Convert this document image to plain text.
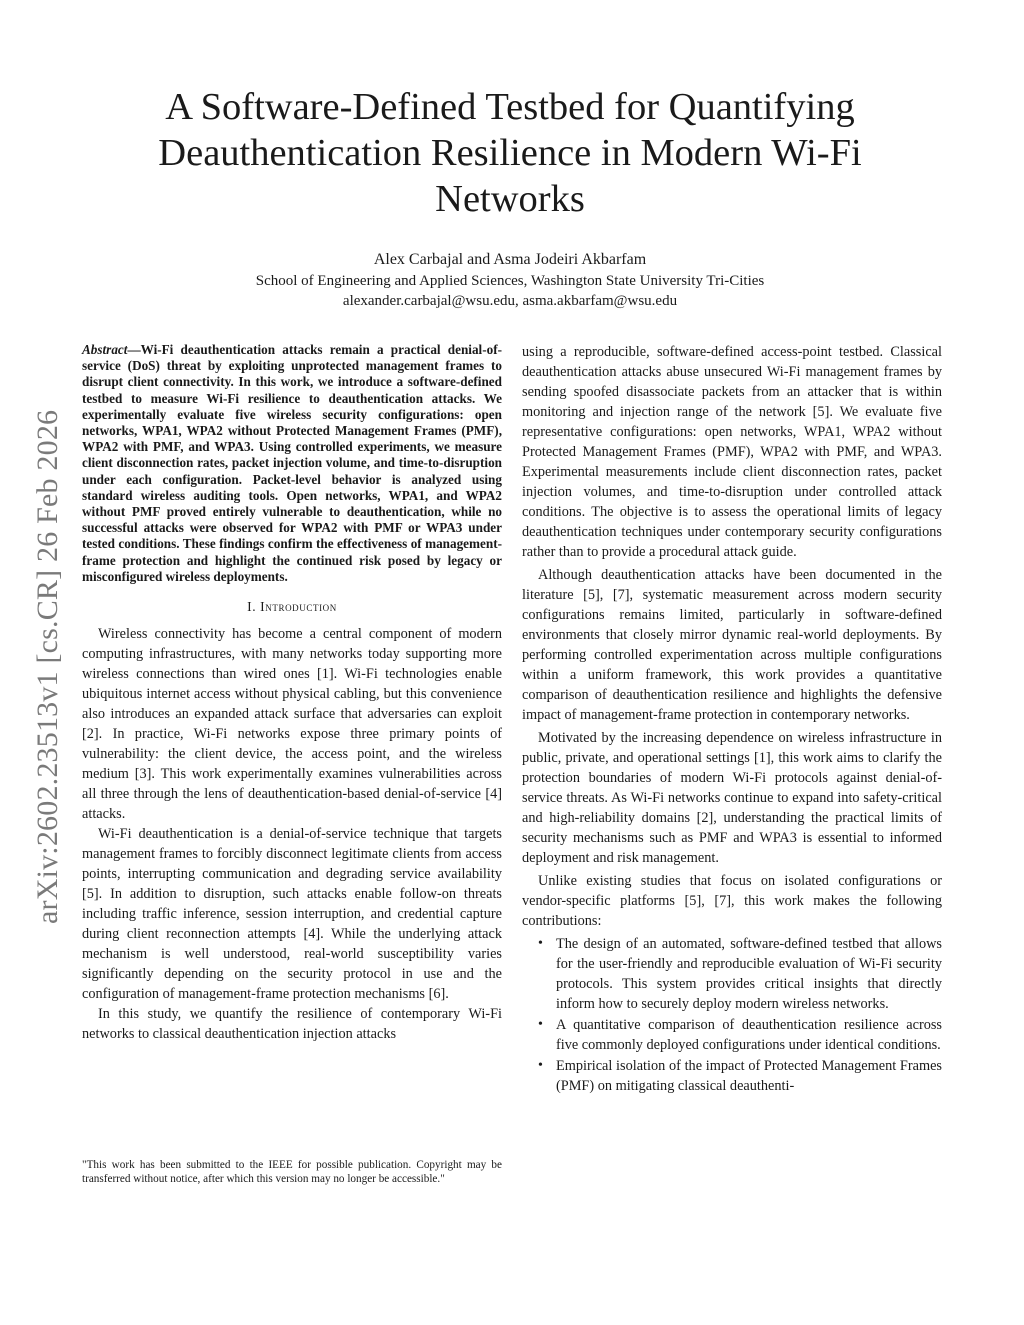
arXiv:2602.23513v1 [cs.CR] 26 Feb 2026
A Software-Defined Testbed for Quantifying Deauthentication Resilience in Modern Wi-Fi Networks
Alex Carbajal and Asma Jodeiri Akbarfam
School of Engineering and Applied Sciences, Washington State University Tri-Cities
alexander.carbajal@wsu.edu, asma.akbarfam@wsu.edu

Abstract—Wi-Fi deauthentication attacks remain a practical denial-of-service (DoS) threat by exploiting unprotected management frames to disrupt client connectivity. In this work, we introduce a software-defined testbed to measure Wi-Fi resilience to deauthentication attacks. We experimentally evaluate five wireless security configurations: open networks, WPA1, WPA2 without Protected Management Frames (PMF), WPA2 with PMF, and WPA3. Using controlled experiments, we measure client disconnection rates, packet injection volume, and time-to-disruption under each configuration. Packet-level behavior is analyzed using standard wireless auditing tools. Open networks, WPA1, and WPA2 without PMF proved entirely vulnerable to deauthentication, while no successful attacks were observed for WPA2 with PMF or WPA3 under tested conditions. These findings confirm the effectiveness of management-frame protection and highlight the continued risk posed by legacy or misconfigured wireless deployments.

I. Introduction

Wireless connectivity has become a central component of modern computing infrastructures, with many networks today supporting more wireless connections than wired ones [1]. Wi-Fi technologies enable ubiquitous internet access without physical cabling, but this convenience also introduces an expanded attack surface that adversaries can exploit [2]. In practice, Wi-Fi networks expose three primary points of vulnerability: the client device, the access point, and the wireless medium [3]. This work experimentally examines vulnerabilities across all three through the lens of deauthentication-based denial-of-service [4] attacks.

Wi-Fi deauthentication is a denial-of-service technique that targets management frames to forcibly disconnect legitimate clients from access points, interrupting communication and degrading service availability [5]. In addition to disruption, such attacks enable follow-on threats including traffic inference, session interruption, and credential capture during client reconnection attempts [4]. While the underlying attack mechanism is well understood, real-world susceptibility varies significantly depending on the security protocol in use and the configuration of management-frame protection mechanisms [6].

In this study, we quantify the resilience of contemporary Wi-Fi networks to classical deauthentication injection attacks

"This work has been submitted to the IEEE for possible publication. Copyright may be transferred without notice, after which this version may no longer be accessible."

using a reproducible, software-defined access-point testbed. Classical deauthentication attacks abuse unsecured Wi-Fi management frames by sending spoofed disassociate packets from an attacker that is within monitoring and injection range of the network [5]. We evaluate five representative configurations: open networks, WPA1, WPA2 without Protected Management Frames (PMF), WPA2 with PMF, and WPA3. Experimental measurements include client disconnection rates, packet injection volumes, and time-to-disruption under controlled attack conditions. The objective is to assess the operational limits of legacy deauthentication techniques under contemporary security configurations rather than to provide a procedural attack guide.

Although deauthentication attacks have been documented in the literature [5], [7], systematic measurement across modern security configurations remains limited, particularly in software-defined environments that closely mirror dynamic real-world deployments. By performing controlled experimentation across multiple configurations within a uniform framework, this work provides a quantitative comparison of deauthentication resilience and highlights the defensive impact of management-frame protection in contemporary networks.

Motivated by the increasing dependence on wireless infrastructure in public, private, and operational settings [1], this work aims to clarify the protection boundaries of modern Wi-Fi protocols against denial-of-service threats. As Wi-Fi networks continue to expand into safety-critical and high-reliability domains [2], understanding the practical limits of security mechanisms such as PMF and WPA3 is essential to informed deployment and risk management.

Unlike existing studies that focus on isolated configurations or vendor-specific platforms [5], [7], this work makes the following contributions:

• The design of an automated, software-defined testbed that allows for the user-friendly and reproducible evaluation of Wi-Fi security protocols. This system provides critical insights that directly inform how to securely deploy modern wireless networks.
• A quantitative comparison of deauthentication resilience across five commonly deployed configurations under identical conditions.
• Empirical isolation of the impact of Protected Management Frames (PMF) on mitigating classical deauthenti-
